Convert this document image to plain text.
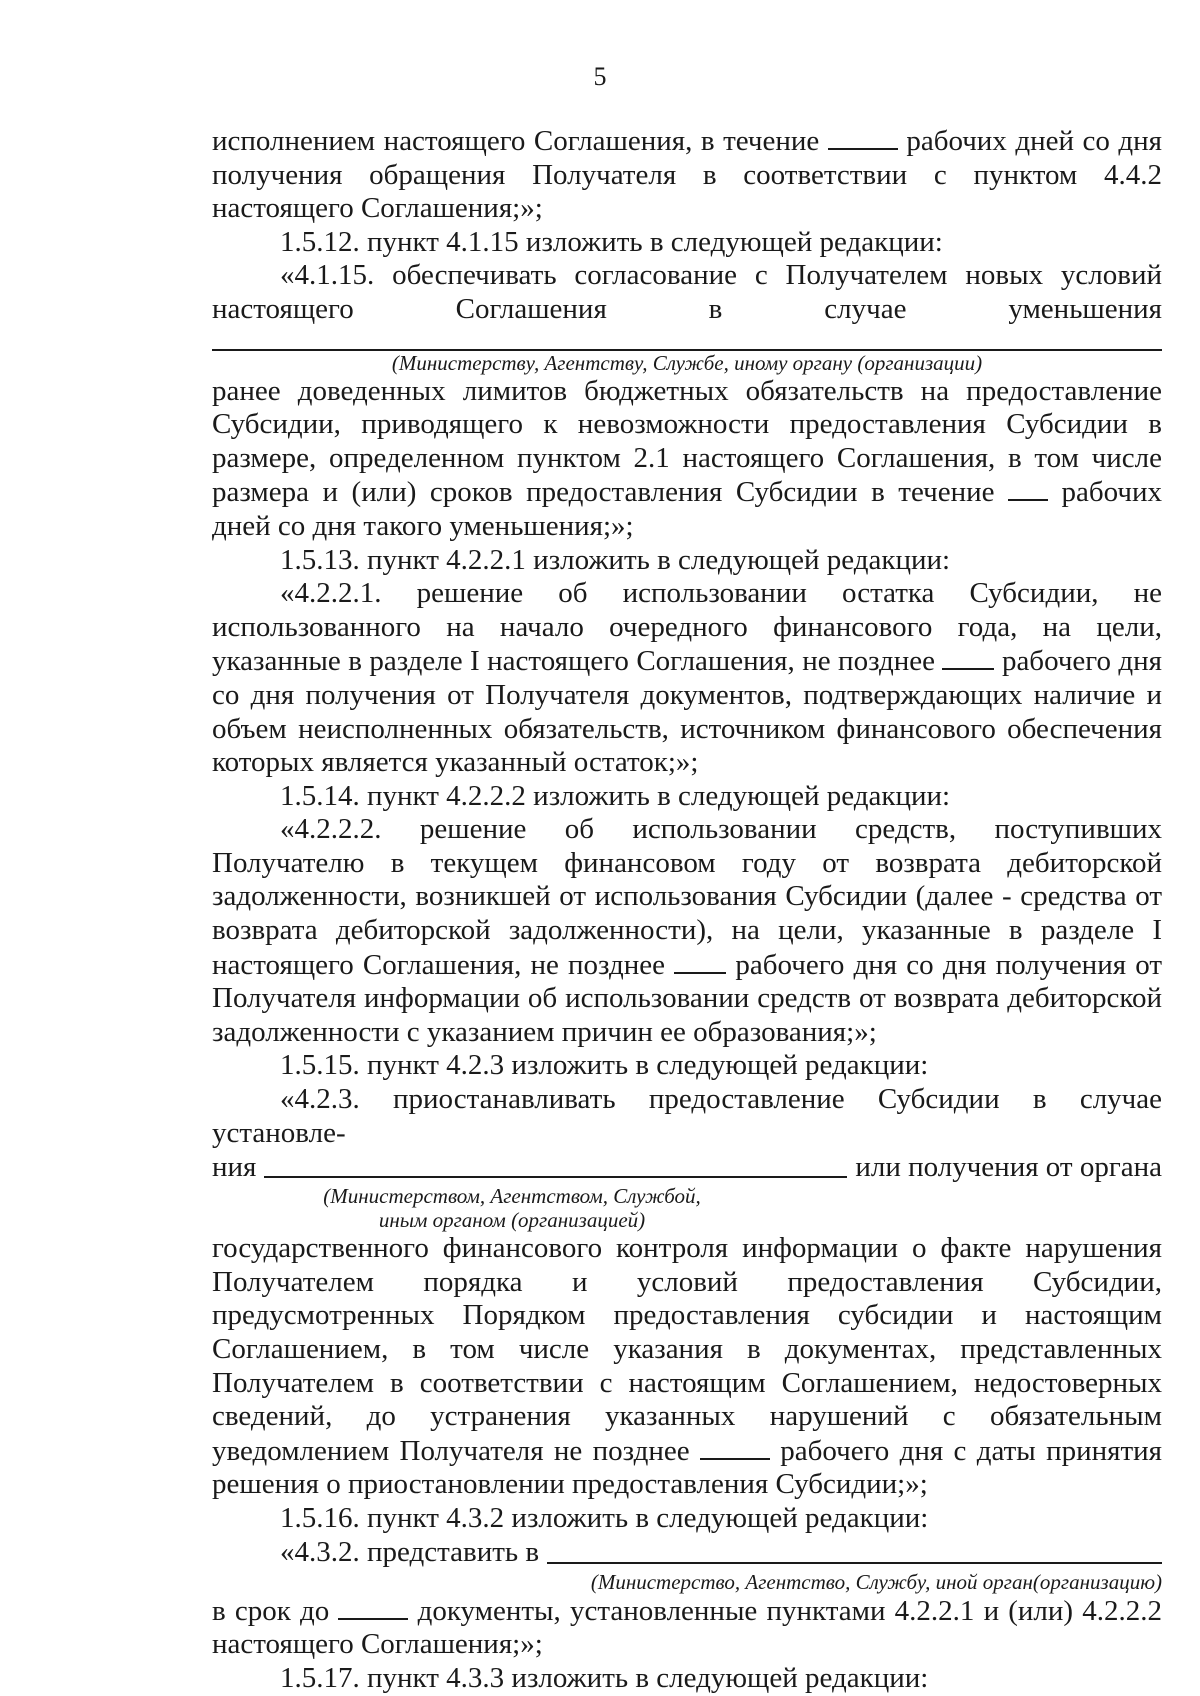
5

исполнением настоящего Соглашения, в течение	рабочих дней со дня получения обращения Получателя в соответствии с пунктом 4.4.2 настоящего Соглашения;»;

1.5.12. пункт 4.1.15 изложить в следующей редакции:

«4.1.15. обеспечивать согласование с Получателем новых условий

настоящего Соглашения в случае уменьшения

(Министерству, Агентству, Службе, иному органу (организации)

ранее доведенных лимитов бюджетных обязательств на предоставление Субсидии, приводящего к невозможности предоставления Субсидии в размере, определенном пунктом 2.1 настоящего Соглашения, в том числе размера и (или) сроков предоставления Субсидии в течение рабочих дней со дня такого уменьшения;»;

1.5.13. пункт 4.2.2.1 изложить в следующей редакции:

«4.2.2.1. решение об использовании остатка Субсидии, не использованного на начало очередного финансового года, на цели, указанные в разделе I настоящего Соглашения, не позднее рабочего дня со дня получения от Получателя документов, подтверждающих наличие и объем неисполненных обязательств, источником финансового обеспечения которых является указанный остаток;»;

1.5.14. пункт 4.2.2.2 изложить в следующей редакции:

«4.2.2.2. решение об использовании средств, поступивших Получателю в текущем финансовом году от возврата дебиторской задолженности, возникшей от использования Субсидии (далее - средства от возврата дебиторской задолженности), на цели, указанные в разделе I настоящего Соглашения, не позднее рабочего дня со дня получения от Получателя информации об использовании средств от возврата дебиторской задолженности с указанием причин ее образования;»;

1.5.15. пункт 4.2.3 изложить в следующей редакции:

«4.2.3. приостанавливать предоставление Субсидии в случае установле-

ния	или получения от органа
(Министерством, Агентством, Службой,
иным органом (организацией)

государственного финансового контроля информации о факте нарушения Получателем порядка и условий предоставления Субсидии, предусмотренных Порядком предоставления субсидии и настоящим Соглашением, в том числе указания в документах, представленных Получателем в соответствии с настоящим Соглашением, недостоверных сведений, до устранения указанных нарушений с обязательным уведомлением Получателя не позднее	рабочего дня с даты принятия решения о приостановлении предоставления Субсидии;»;

1.5.16. пункт 4.3.2 изложить в следующей редакции:

«4.3.2. представить в
(Министерство, Агентство, Службу, иной орган(организацию)

в срок до	документы, установленные пунктами 4.2.2.1 и (или) 4.2.2.2 настоящего Соглашения;»;

1.5.17. пункт 4.3.3 изложить в следующей редакции:
